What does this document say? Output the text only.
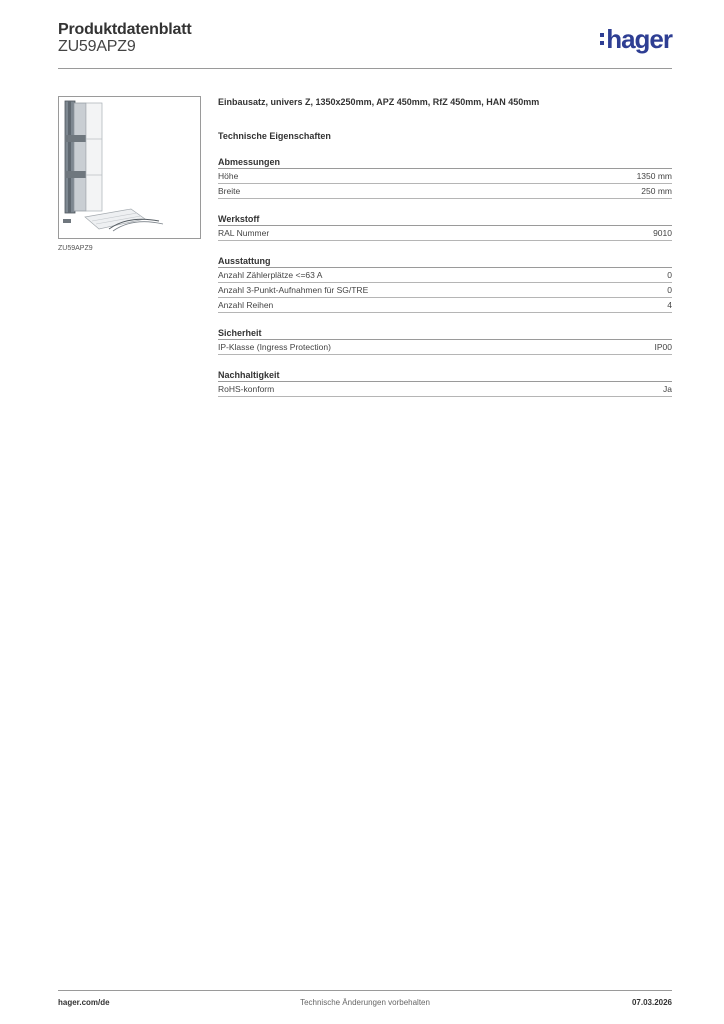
Produktdatenblatt
ZU59APZ9	hager
ZU59APZ9
Einbausatz, univers Z, 1350x250mm, APZ 450mm, RfZ 450mm, HAN 450mm
Technische Eigenschaften
Abmessungen
Höhe	1350 mm
Breite	250 mm
Werkstoff
RAL Nummer	9010
Ausstattung
Anzahl Zählerplätze <=63 A	0
Anzahl 3-Punkt-Aufnahmen für SG/TRE	0
Anzahl Reihen	4
Sicherheit
IP-Klasse (Ingress Protection)	IP00
Nachhaltigkeit
RoHS-konform	Ja
hager.com/de	Technische Änderungen vorbehalten	07.03.2026
